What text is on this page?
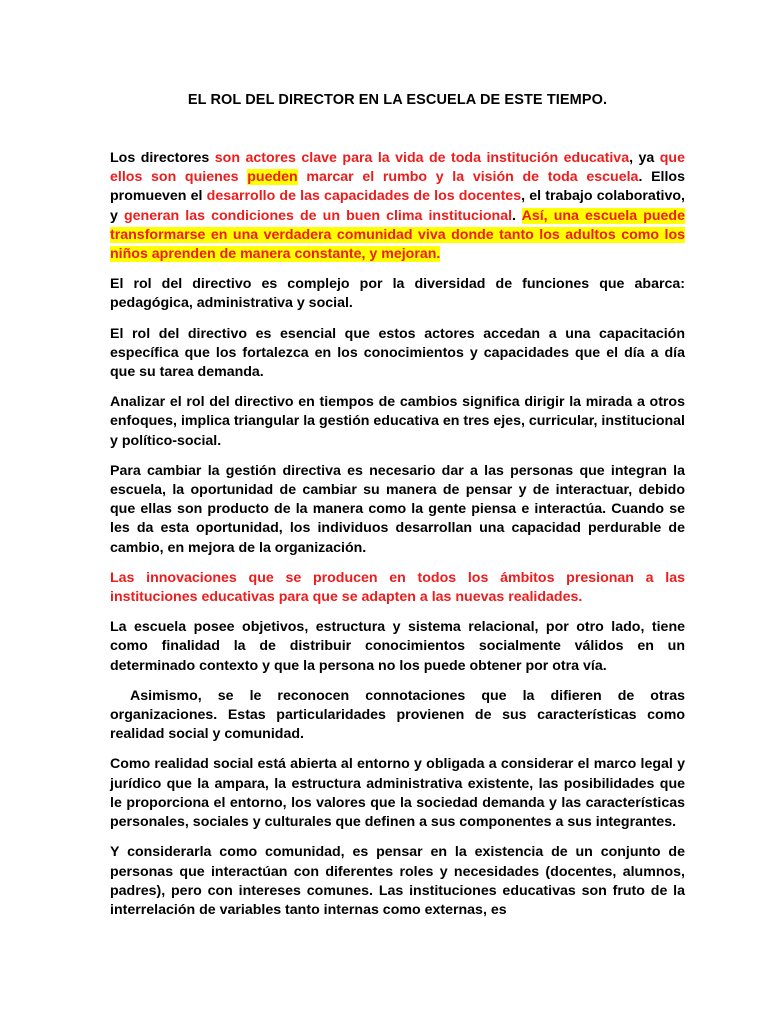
EL ROL DEL DIRECTOR EN LA ESCUELA DE ESTE TIEMPO.

Los directores son actores clave para la vida de toda institución educativa, ya que ellos son quienes pueden marcar el rumbo y la visión de toda escuela. Ellos promueven el desarrollo de las capacidades de los docentes, el trabajo colaborativo, y generan las condiciones de un buen clima institucional. Así, una escuela puede transformarse en una verdadera comunidad viva donde tanto los adultos como los niños aprenden de manera constante, y mejoran.

El rol del directivo es complejo por la diversidad de funciones que abarca: pedagógica, administrativa y social.

El rol del directivo es esencial que estos actores accedan a una capacitación específica que los fortalezca en los conocimientos y capacidades que el día a día que su tarea demanda.

Analizar el rol del directivo en tiempos de cambios significa dirigir la mirada a otros enfoques, implica triangular la gestión educativa en tres ejes, curricular, institucional y político-social.

Para cambiar la gestión directiva es necesario dar a las personas que integran la escuela, la oportunidad de cambiar su manera de pensar y de interactuar, debido que ellas son producto de la manera como la gente piensa e interactúa. Cuando se les da esta oportunidad, los individuos desarrollan una capacidad perdurable de cambio, en mejora de la organización.

Las innovaciones que se producen en todos los ámbitos presionan a las instituciones educativas para que se adapten a las nuevas realidades.

La escuela posee objetivos, estructura y sistema relacional, por otro lado, tiene como finalidad la de distribuir conocimientos socialmente válidos en un determinado contexto y que la persona no los puede obtener por otra vía.

Asimismo, se le reconocen connotaciones que la difieren de otras organizaciones. Estas particularidades provienen de sus características como realidad social y comunidad.

Como realidad social está abierta al entorno y obligada a considerar el marco legal y jurídico que la ampara, la estructura administrativa existente, las posibilidades que le proporciona el entorno, los valores que la sociedad demanda y las características personales, sociales y culturales que definen a sus componentes a sus integrantes.

Y considerarla como comunidad, es pensar en la existencia de un conjunto de personas que interactúan con diferentes roles y necesidades (docentes, alumnos, padres), pero con intereses comunes. Las instituciones educativas son fruto de la interrelación de variables tanto internas como externas, es
